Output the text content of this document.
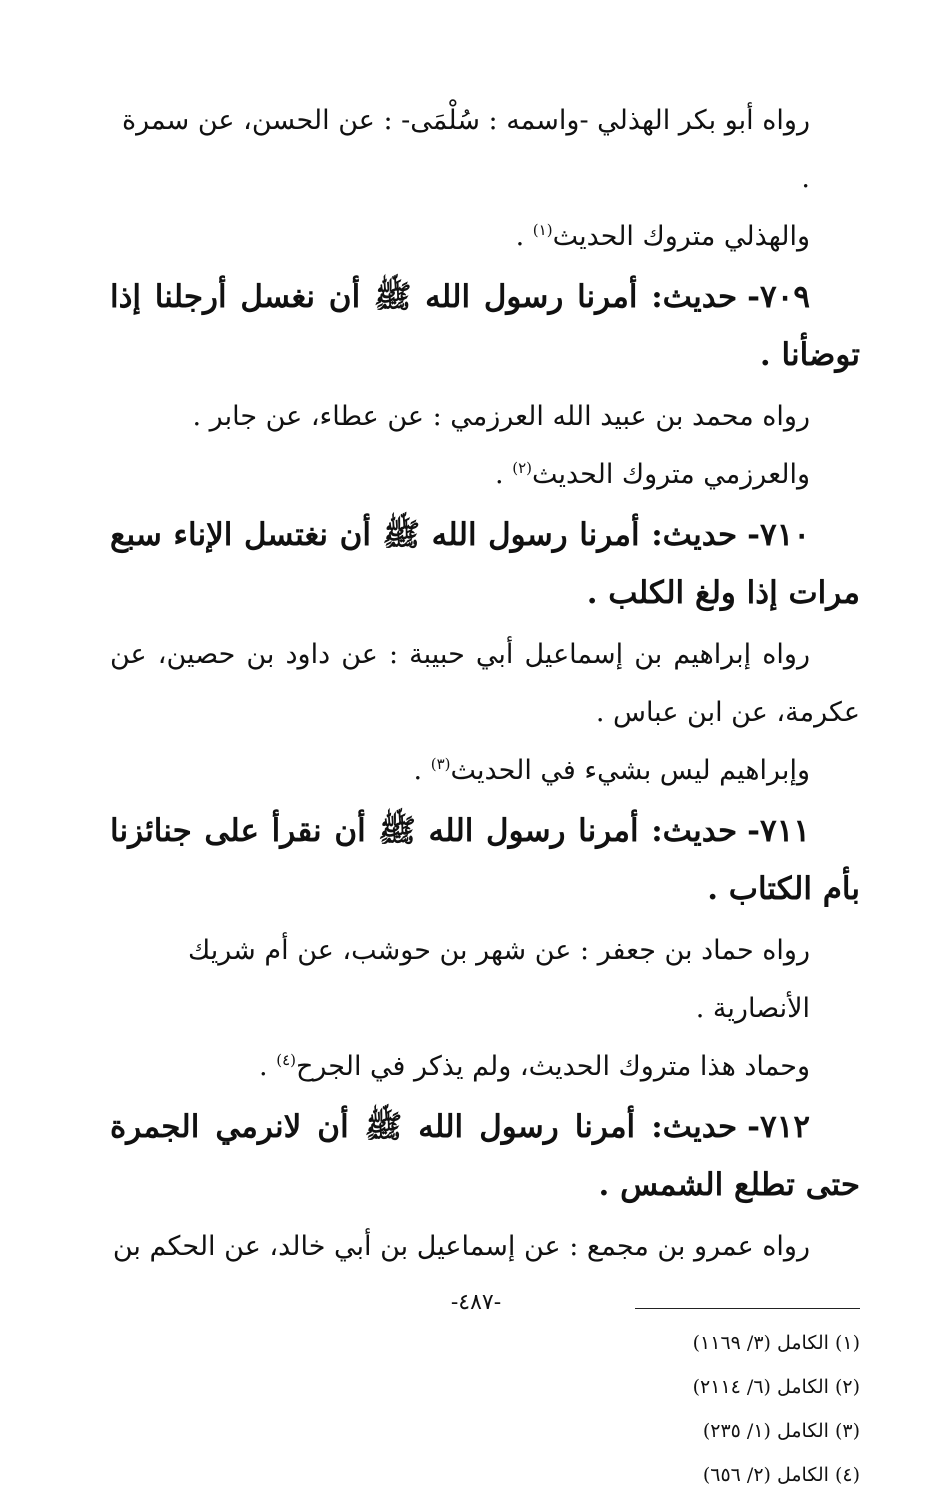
رواه أبو بكر الهذلي -واسمه : سُلْمَى- : عن الحسن، عن سمرة .

والهذلي متروك الحديث$^{(١)}$ .

٧٠٩-حديث: أمرنا رسول الله ﷺ أن نغسل أرجلنا إذا توضأنا .

رواه محمد بن عبيد الله العرزمي : عن عطاء، عن جابر .

والعرزمي متروك الحديث$^{(٢)}$ .

٧١٠-حديث: أمرنا رسول الله ﷺ أن نغتسل الإناء سبع مرات إذا ولغ الكلب .

رواه إبراهيم بن إسماعيل أبي حبيبة : عن داود بن حصين، عن عكرمة، عن ابن عباس .

وإبراهيم ليس بشيء في الحديث$^{(٣)}$ .

٧١١-حديث: أمرنا رسول الله ﷺ أن نقرأ على جنائزنا بأم الكتاب .

رواه حماد بن جعفر : عن شهر بن حوشب، عن أم شريك الأنصارية .

وحماد هذا متروك الحديث، ولم يذكر في الجرح$^{(٤)}$ .

٧١٢-حديث: أمرنا رسول الله ﷺ أن لانرمي الجمرة حتى تطلع الشمس .

رواه عمرو بن مجمع : عن إسماعيل بن أبي خالد، عن الحكم بن

(١) الكامل (٣/ ١١٦٩)
(٢) الكامل (٦/ ٢١١٤)
(٣) الكامل (١/ ٢٣٥)
(٤) الكامل (٢/ ٦٥٦)
-٤٨٧-
